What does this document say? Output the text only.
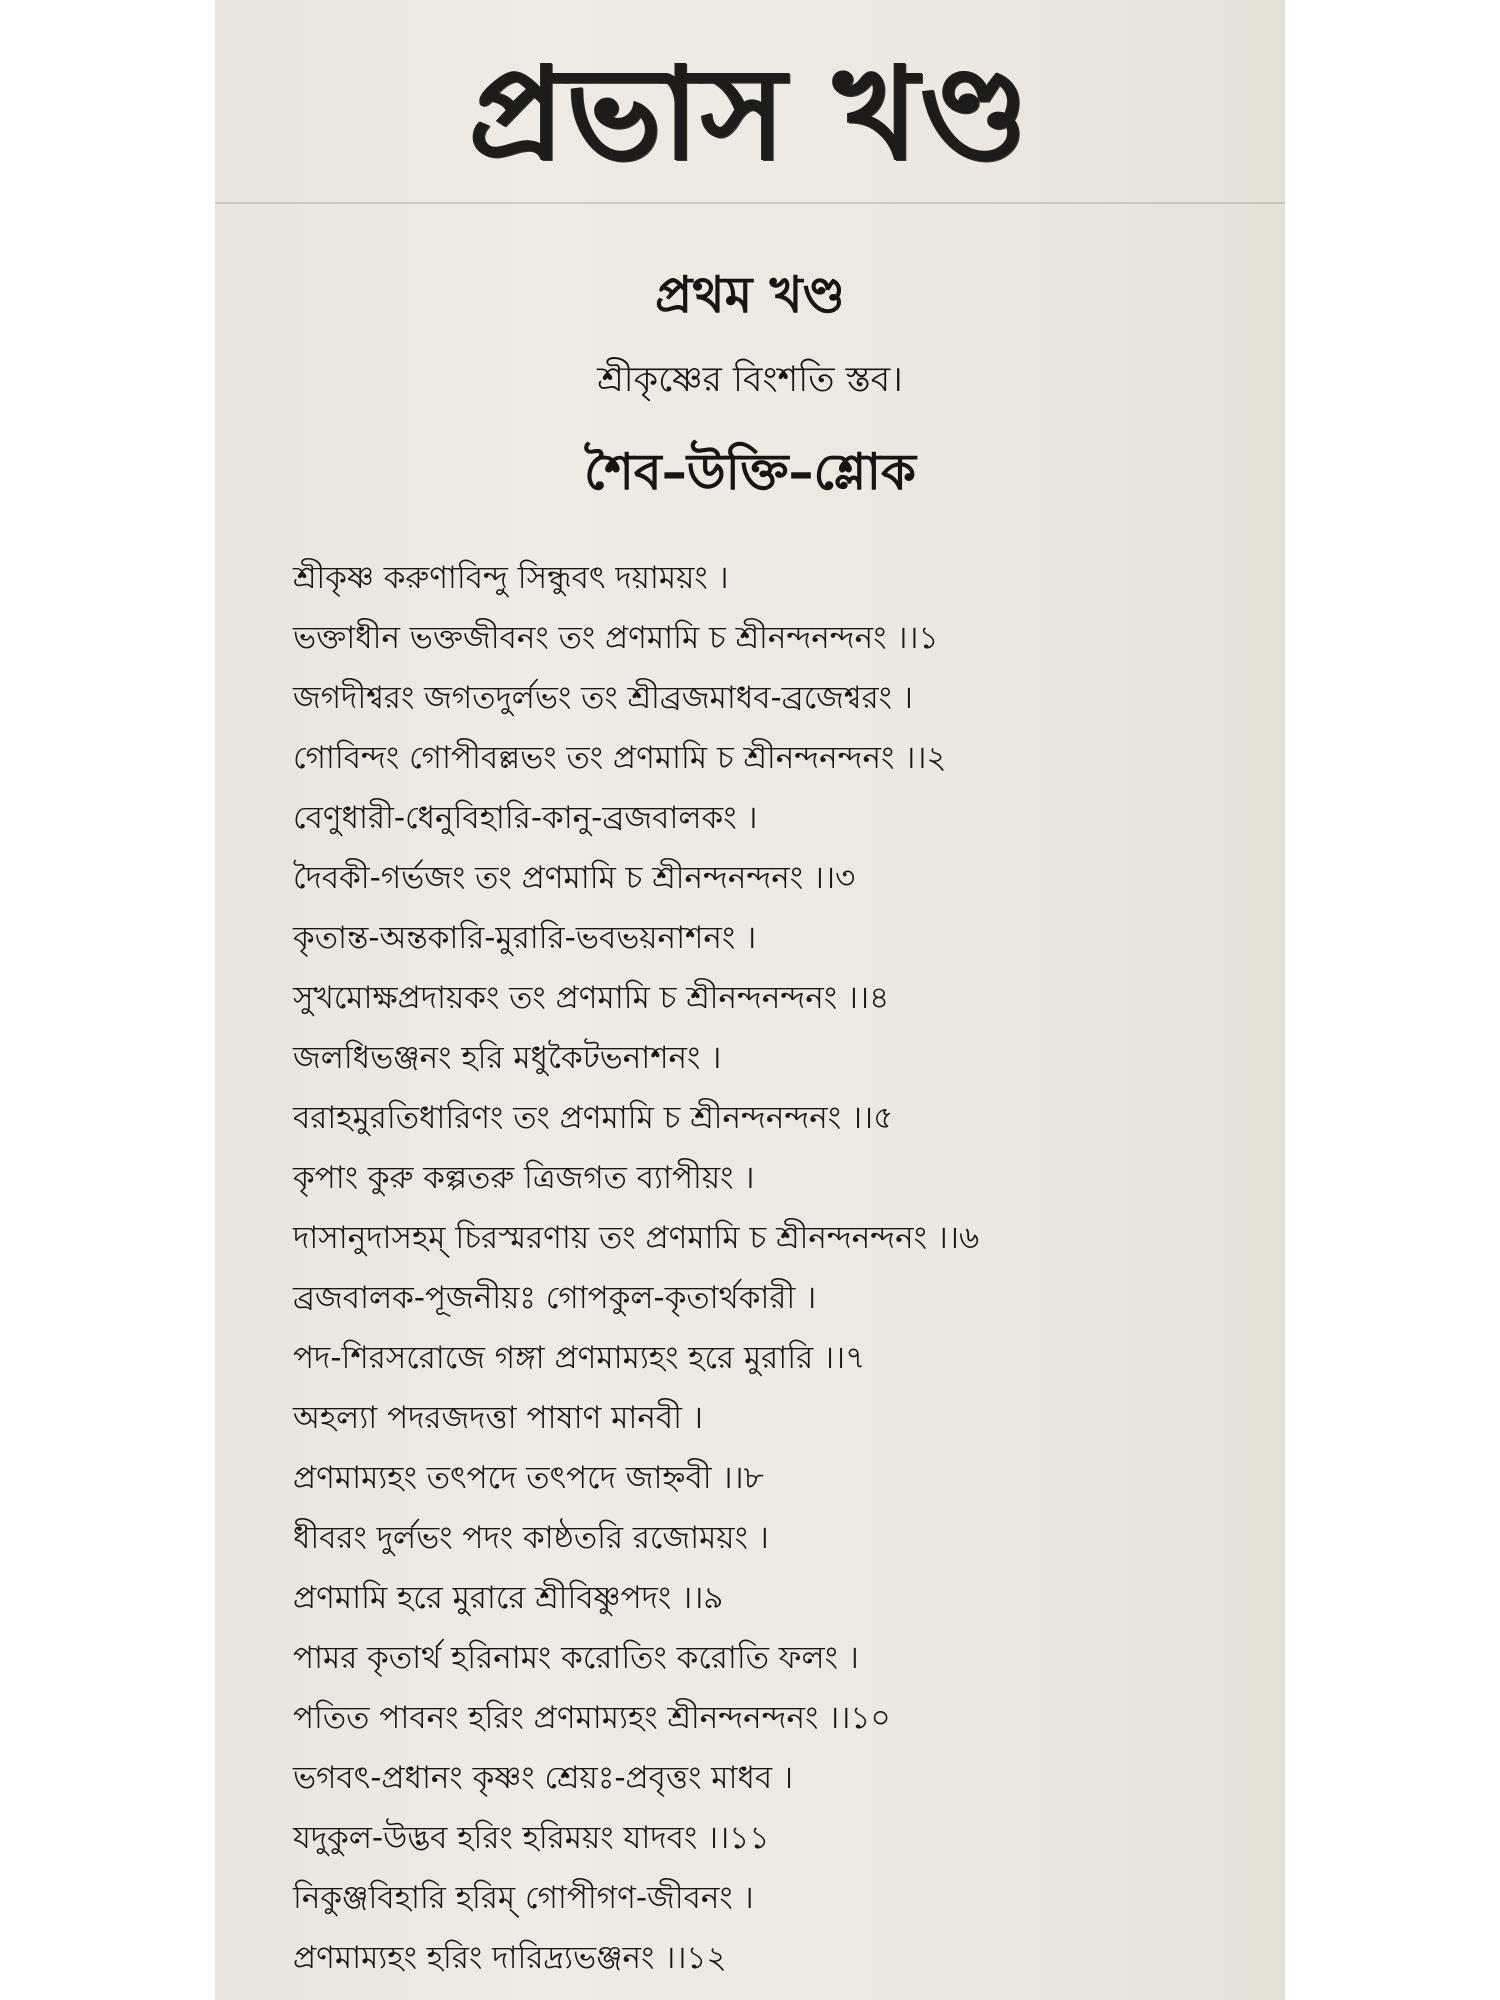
প্রভাস খণ্ড
প্রথম খণ্ড
শ্রীকৃষ্ণের বিংশতি স্তব।
শৈব–উক্তি–শ্লোক
শ্রীকৃষ্ণ করুণাবিন্দু সিন্ধুবৎ দয়াময়ং ।
ভক্তাধীন ভক্তজীবনং তং প্রণমামি চ শ্রীনন্দনন্দনং ।।১
জগদীশ্বরং জগতদুর্লভং তং শ্রীব্রজমাধব-ব্রজেশ্বরং ।
গোবিন্দং গোপীবল্লভং তং প্রণমামি চ শ্রীনন্দনন্দনং ।।২
বেণুধারী-ধেনুবিহারি-কানু-ব্রজবালকং ।
দৈবকী-গর্ভজং তং প্রণমামি চ শ্রীনন্দনন্দনং ।।৩
কৃতান্ত-অন্তকারি-মুরারি-ভবভয়নাশনং ।
সুখমোক্ষপ্রদায়কং তং প্রণমামি চ শ্রীনন্দনন্দনং ।।৪
জলধিভঞ্জনং হরি মধুকৈটভনাশনং ।
বরাহমুরতিধারিণং তং প্রণমামি চ শ্রীনন্দনন্দনং ।।৫
কৃপাং কুরু কল্পতরু ত্রিজগত ব্যাপীয়ং ।
দাসানুদাসহম্ চিরস্মরণায় তং প্রণমামি চ শ্রীনন্দনন্দনং ।।৬
ব্রজবালক-পূজনীয়ঃ গোপকুল-কৃতার্থকারী ।
পদ-শিরসরোজে গঙ্গা প্রণমাম্যহং হরে মুরারি ।।৭
অহল্যা পদরজদত্তা পাষাণ মানবী ।
প্রণমাম্যহং তৎপদে তৎপদে জাহ্নবী ।।৮
ধীবরং দুর্লভং পদং কাষ্ঠতরি রজোময়ং ।
প্রণমামি হরে মুরারে শ্রীবিষ্ণুপদং ।।৯
পামর কৃতার্থ হরিনামং করোতিং করোতি ফলং ।
পতিত পাবনং হরিং প্রণমাম্যহং শ্রীনন্দনন্দনং ।।১০
ভগবৎ-প্রধানং কৃষ্ণং শ্রেয়ঃ-প্রবৃত্তং মাধব ।
যদুকুল-উদ্ভব হরিং হরিময়ং যাদবং ।।১১
নিকুঞ্জবিহারি হরিম্ গোপীগণ-জীবনং ।
প্রণমাম্যহং হরিং দারিদ্র্যভঞ্জনং ।।১২
